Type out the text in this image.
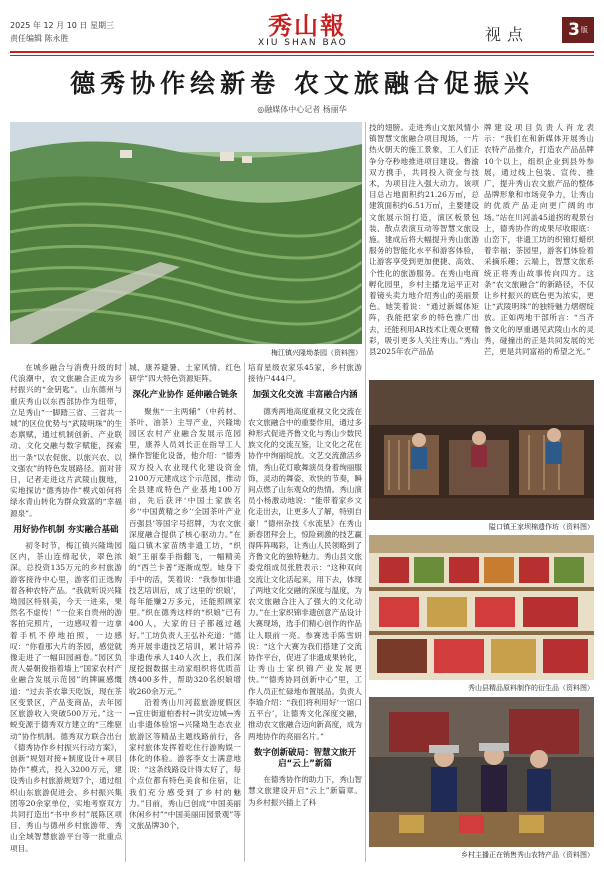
2025 年 12 月 10 日 星期三
责任编辑 陈永胜	秀山報
XIU SHAN BAO	视点 3 版
德秀协作绘新卷 农文旅融合促振兴
◎融媒体中心记者 杨丽华
梅江镇兴隆坳茶园（资料图）

在城乡融合与消费升级的时代浪潮中，农文旅融合正成为乡村振兴的“金钥匙”。山东德州与重庆秀山以东西部协作为纽带，立足秀山“一脚踏三省、三省共一城”的区位优势与“武陵明珠”的生态禀赋，通过机制创新、产业联动、文化交融与数字赋能，探索出一条“以农促旅、以旅兴农、以文强农”的特色发展路径。面对昔日，记者走进这片武陵山腹地，实地探访“德秀协作”模式如何将绿水青山转化为群众致富的“幸福源泉”。

用好协作机制 夯实融合基础

初冬时节，梅江镇兴隆坳园区内，茶山连绵起伏，翠色浓深。总投资135万元的乡村旅游游客接待中心里，游客们正选购着各种农特产品。“我就听说兴隆坳园区特别美，今天一进来，果然名不虚传！”一位来自贵州的游客拍完照片，一边感叹着一边拿着手机不停地拍照，一边感叹：“你看那大片的茶园，感觉就像走进了一幅田园画卷。”园区负责人晏朝俊指着墙上“国家农村产业融合发展示范园”的牌匾感慨道：“过去茶农靠天吃饭，现在茶区变景区，产品变商品，去年园区旅游收入突破500万元。”这一蜕变源于德秀双方建立的“三维驱动”协作机制。德秀双方联合出台《德秀协作乡村振兴行动方案》，创新“规划对接+制度设计+项目协作”模式，投入3200万元，建设秀山乡村旅游规划7个，通过组织山东旅游促进会、乡村振兴集团等20余家单位，实地考察双方共同打造出“书中乡村”展陈区项目、秀山与德州乡村旅游带、秀山全域智慧旅游平台等一批重点项目。

城、康养避暑、土家风情、红色研学”四大特色资源矩阵。

深化产业协作 延伸融合链条

聚焦“一主两辅”（中药材、茶叶、油茶）主导产业，兴隆坳园区农村产业融合发展示范园里，康养人员刘长正在指导工人操作智能化设备，他介绍：“德秀双方投入农业现代化建设资金2100万元建成这个示范园，推动全县建成特色产业基地100万亩，先后获评‘中国土家族名乡’‘中国黄精之乡’‘全国茶叶产业百强县’等国字号招牌，为农文旅深度融合提供了核心驱动力。”在隘口镇木家苗绣非遗工坊，“织娘”王丽泰手指翻飞，一幅精美的“西兰卡普”逐渐成型。她身下手中的活，笑着说：“我参加非遗技艺培训后，成了这里的‘织娘’，每年能赚2万多元，还能照顾家里。”织在德秀这样的“织娘”已有400人，大家的日子都越过越好。”工坊负责人王弘补充道：“德秀开展非遗技艺培训，累计培养非遗传承人140人次上，我们深度挖掘数据主动家组织将优质苗绣400多件，帮助320名织娘增收260余万元。”

沿着秀山川河蓝旅游度假区→宜庄街道柏香村→洪安边城→秀山非遗体验馆→兴隆坳生态农业旅游区等精品主题线路前行，各家村旅体发挥着吃住行游购娱一体化的体验。游客李女士满意地说：“这条线路设计得太好了，每个点位都有特色美食和住宿，让我们充分感受到了乡村的魅力。”目前，秀山已创成“中国美丽休闲乡村”“中国美丽田园景观”等文旅品牌30个，

培育星级农家乐45家，乡村旅游接待户444户。

加强文化交流 丰富融合内涵

德秀两地高度重视文化交流在农文旅融合中的重要作用，通过多种形式促进齐鲁文化与秀山少数民族文化的交流互鉴，让文化之花在协作中绚丽绽放。文艺交流激活乡情，秀山花灯歌舞演员身着绚丽服饰，灵动的舞姿、欢快的节奏，瞬间点燃了山东观众的热情。秀山演员小杨激动地说：“能带着家乡文化走出去，让更多人了解，特别自豪！”德州杂技《水流星》在秀山新春团拜会上，惊险刺激的技艺赢得阵阵喝彩，让秀山人民领略到了齐鲁文化的独特魅力。秀山县文旅委党组成员张胜表示：“这种双向交流让文化活起来，用下去，体现了两地文化交融的深度与温度，为农文旅融合注入了强大的文化动力。”在土家织锦非遗创意产品设计大赛现场，选手们精心创作的作品让人眼前一亮。参赛选手陈雪妍说：“这个大赛为我们搭建了交流协作平台，促进了非遗成果转化，让秀山土家织锦产业发展更快。”“德秀协同创新中心”里，工作人员正忙碌地布置展品。负责人李瑜介绍：“我们将利用好‘一馆口五平台’，让德秀文化深度交融，推动农文旅融合迈向新高度，成为两地协作的亮丽名片。”

数字创新破局：智慧文旅开启“云上”新篇

在德秀协作的助力下，秀山智慧文旅建设开启“云上”新篇章。为乡村振兴插上了科

技的翅膀。走进秀山文旅风情小镇智慧文旅融合项目现场，一片热火朝天的施工景象，工人们正争分夺秒地推进项目建设。鲁渝双方携手，共同投入资金与技术，为项目注入强大动力。该项目总占地面积约21.26万㎡，总建筑面积约6.51万㎡，主要建设文旅展示馆打造，演区板景包装、散点表演互动等智慧文旅设施。建成后将大幅提升秀山旅游服务的智能化水平和游客体验，让游客享受到更加便捷、高效、个性化的旅游服务。在秀山电商孵化园里，乡村主播龙运平正对着镜头卖力地介绍秀山的美丽景色。她笑着说：“通过新媒体矩阵，我能把家乡的特色推广出去，还能利用AR技术让观众更精彩，吸引更多人关注秀山。”秀山县2025年农产品品

牌建设项目负责人肖龙表示：“我们在和新媒体开展秀山农特产品推介，打造农产品品牌10个以上，组织企业到县外参展，通过线上包装、宣传、推广，提升秀山农文旅产品的整体品牌形象和市场竞争力，让秀山的优质产品走向更广阔的市场。”站在川河盖45道拐的观景台上，德秀协作的成果尽收眼底：山峦下，非遗工坊的织锦灯蜡织着幸福；茶园里，游客们体验着采摘乐趣；云端上，智慧文旅系统正将秀山故事传向四方。这条“农文旅融合”的新路径，不仅让乡村振兴的底色更为浓实，更让“武陵明珠”的独特魅力熠熠绽放。正如两地干部所言：“当齐鲁文化的厚重遇见武陵山水的灵秀，碰撞出的正是共同发展的光芒，更是共同富裕的希望之光。”

隘口镇王家坝棉遗作坊（资料图）
秀山县精品原料制作的衍生品（资料图）
乡村主播正在销售秀山农特产品（资料图）
